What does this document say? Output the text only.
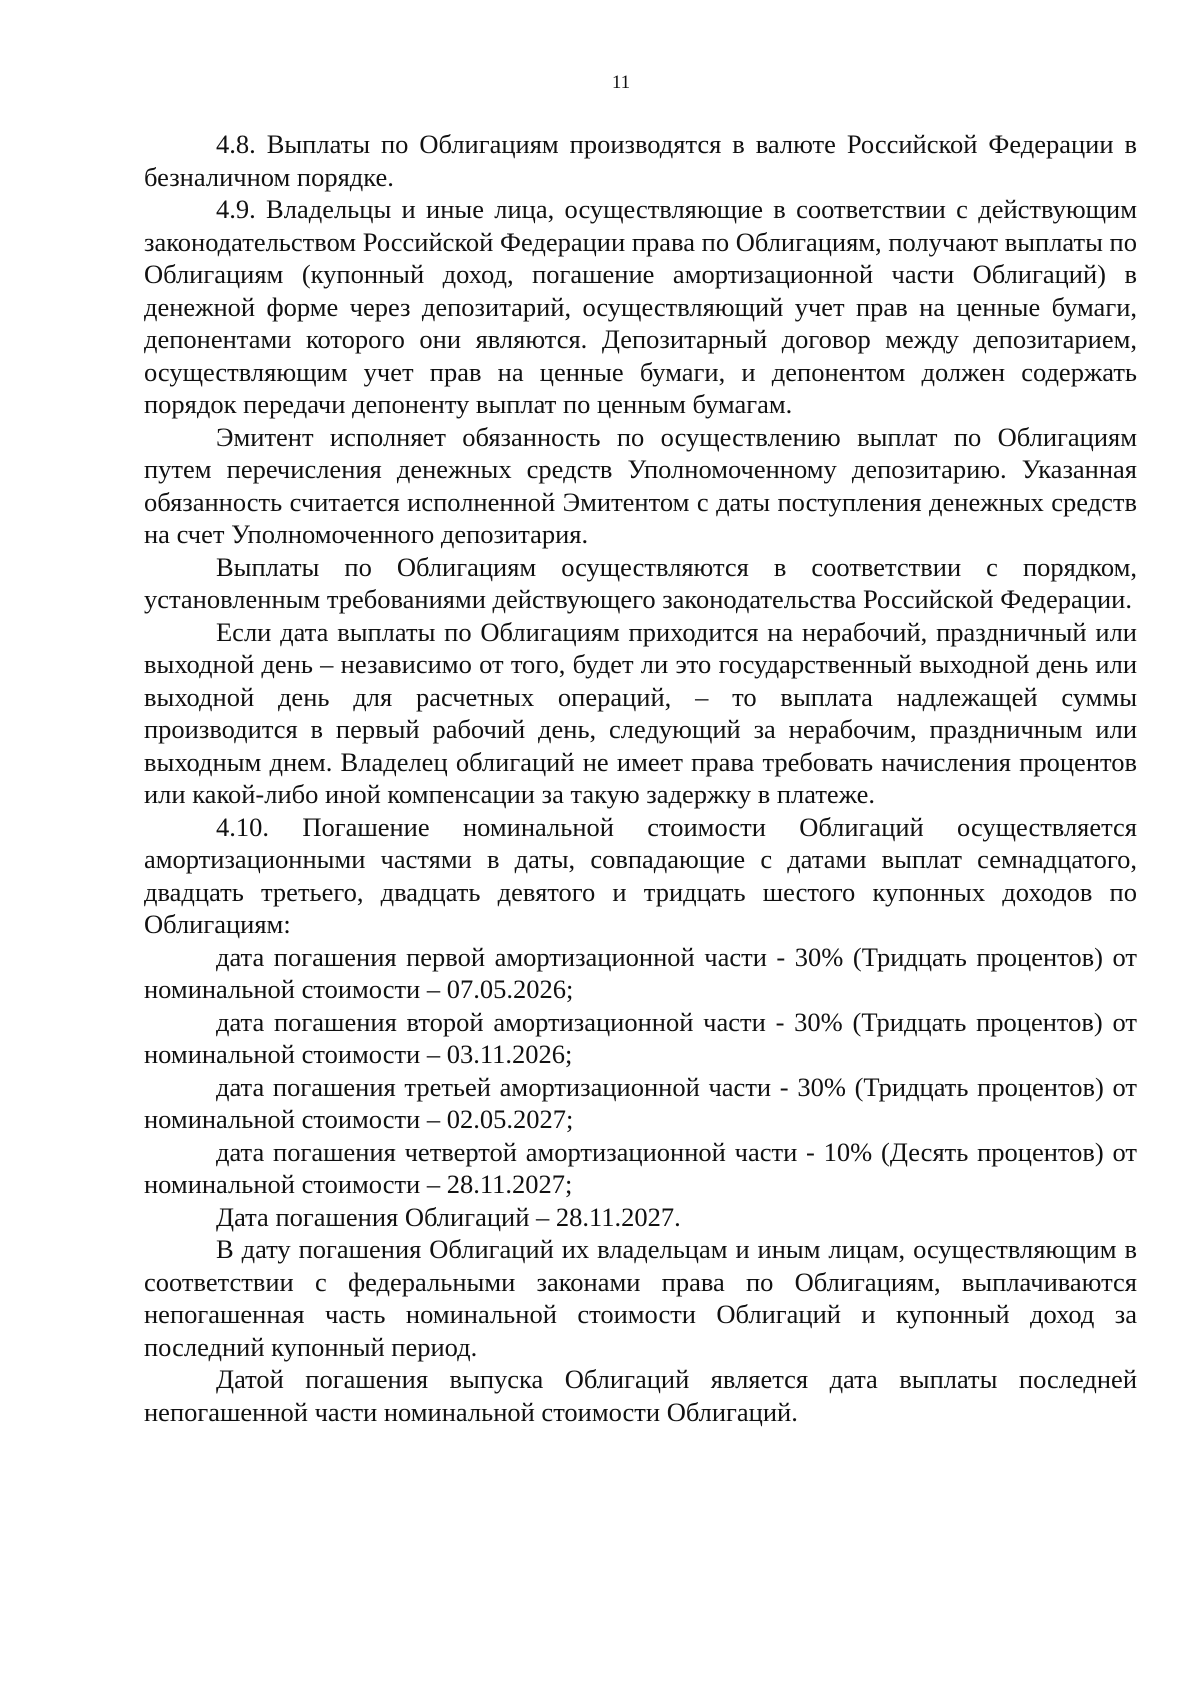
11

4.8. Выплаты по Облигациям производятся в валюте Российской Федерации в безналичном порядке.

4.9. Владельцы и иные лица, осуществляющие в соответствии с действующим законодательством Российской Федерации права по Облигациям, получают выплаты по Облигациям (купонный доход, погашение амортизационной части Облигаций) в денежной форме через депозитарий, осуществляющий учет прав на ценные бумаги, депонентами которого они являются. Депозитарный договор между депозитарием, осуществляющим учет прав на ценные бумаги, и депонентом должен содержать порядок передачи депоненту выплат по ценным бумагам.

Эмитент исполняет обязанность по осуществлению выплат по Облигациям путем перечисления денежных средств Уполномоченному депозитарию. Указанная обязанность считается исполненной Эмитентом с даты поступления денежных средств на счет Уполномоченного депозитария.

Выплаты по Облигациям осуществляются в соответствии с порядком, установленным требованиями действующего законодательства Российской Федерации.

Если дата выплаты по Облигациям приходится на нерабочий, праздничный или выходной день – независимо от того, будет ли это государственный выходной день или выходной день для расчетных операций, – то выплата надлежащей суммы производится в первый рабочий день, следующий за нерабочим, праздничным или выходным днем. Владелец облигаций не имеет права требовать начисления процентов или какой-либо иной компенсации за такую задержку в платеже.

4.10. Погашение номинальной стоимости Облигаций осуществляется амортизационными частями в даты, совпадающие с датами выплат семнадцатого, двадцать третьего, двадцать девятого и тридцать шестого купонных доходов по Облигациям:

дата погашения первой амортизационной части - 30% (Тридцать процентов) от номинальной стоимости – 07.05.2026;

дата погашения второй амортизационной части - 30% (Тридцать процентов) от номинальной стоимости – 03.11.2026;

дата погашения третьей амортизационной части - 30% (Тридцать процентов) от номинальной стоимости – 02.05.2027;

дата погашения четвертой амортизационной части - 10% (Десять процентов) от номинальной стоимости – 28.11.2027;

Дата погашения Облигаций – 28.11.2027.

В дату погашения Облигаций их владельцам и иным лицам, осуществляющим в соответствии с федеральными законами права по Облигациям, выплачиваются непогашенная часть номинальной стоимости Облигаций и купонный доход за последний купонный период.

Датой погашения выпуска Облигаций является дата выплаты последней непогашенной части номинальной стоимости Облигаций.
